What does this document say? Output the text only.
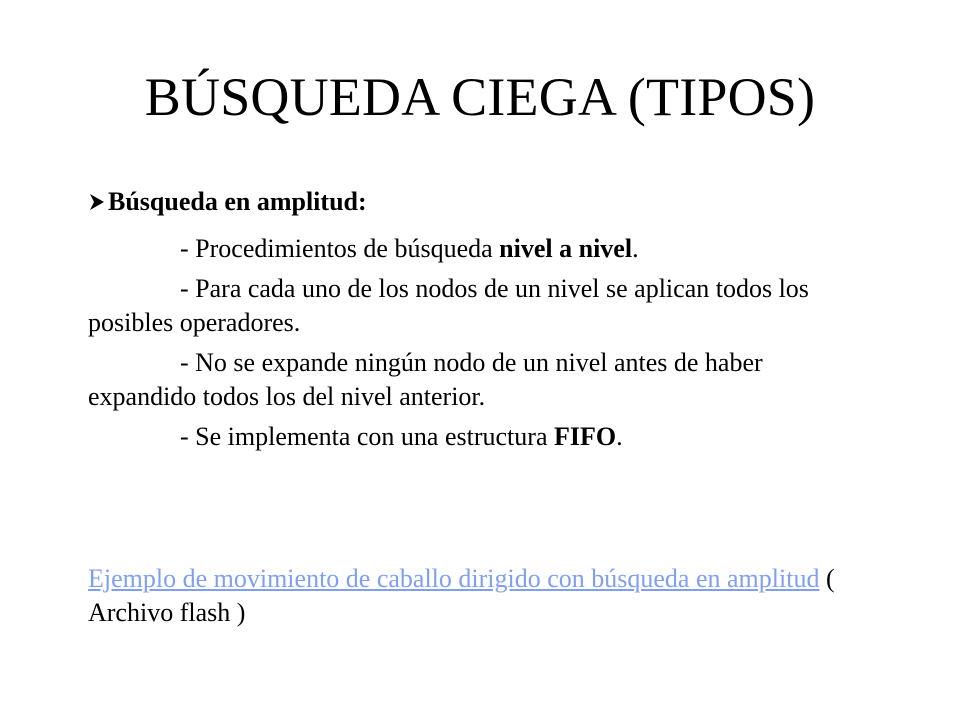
BÚSQUEDA CIEGA (TIPOS)
Búsqueda en amplitud:

- Procedimientos de búsqueda nivel a nivel.

- Para cada uno de los nodos de un nivel se aplican todos los posibles operadores.

- No se expande ningún nodo de un nivel antes de haber expandido todos los del nivel anterior.

- Se implementa con una estructura FIFO.

Ejemplo de movimiento de caballo dirigido con búsqueda en amplitud ( Archivo flash )
